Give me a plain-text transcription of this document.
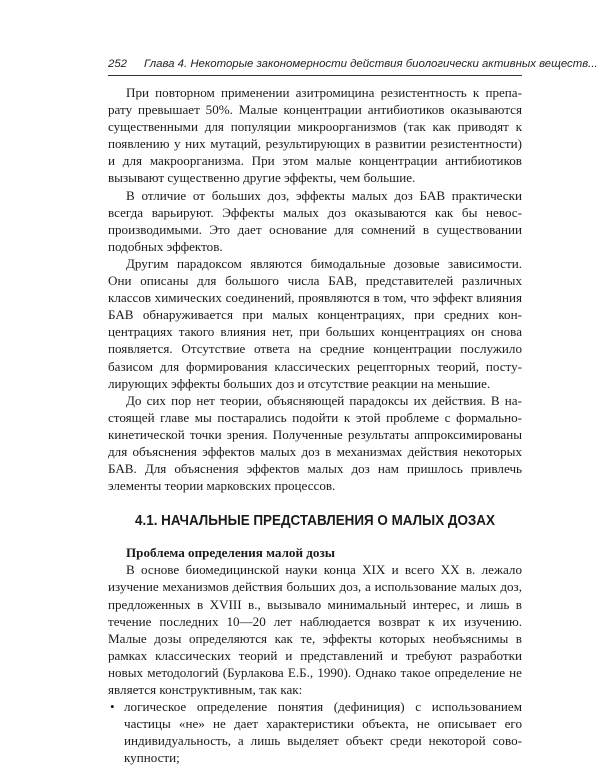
252 Глава 4. Некоторые закономерности действия биологически активных веществ...

При повторном применении азитромицина резистентность к препарату превышает 50%. Малые концентрации антибиотиков оказываются существенными для популяции микроорганизмов (так как приводят к появлению у них мутаций, результирующих в развитии резистентности) и для макроорганизма. При этом малые концентрации антибиотиков вызывают существенно другие эффекты, чем большие.

В отличие от больших доз, эффекты малых доз БАВ практически всегда варьируют. Эффекты малых доз оказываются как бы невоспроизводимыми. Это дает основание для сомнений в существовании подобных эффектов.

Другим парадоксом являются бимодальные дозовые зависимости. Они описаны для большого числа БАВ, представителей различных классов химических соединений, проявляются в том, что эффект влияния БАВ обнаруживается при малых концентрациях, при средних концентрациях такого влияния нет, при больших концентрациях он снова появляется. Отсутствие ответа на средние концентрации послужило базисом для формирования классических рецепторных теорий, постулирующих эффекты больших доз и отсутствие реакции на меньшие.

До сих пор нет теории, объясняющей парадоксы их действия. В настоящей главе мы постарались подойти к этой проблеме с формально-кинетической точки зрения. Полученные результаты аппроксимированы для объяснения эффектов малых доз в механизмах действия некоторых БАВ. Для объяснения эффектов малых доз нам пришлось привлечь элементы теории марковских процессов.

4.1. НАЧАЛЬНЫЕ ПРЕДСТАВЛЕНИЯ О МАЛЫХ ДОЗАХ

Проблема определения малой дозы

В основе биомедицинской науки конца XIX и всего XX в. лежало изучение механизмов действия больших доз, а использование малых доз, предложенных в XVIII в., вызывало минимальный интерес, и лишь в течение последних 10—20 лет наблюдается возврат к их изучению. Малые дозы определяются как те, эффекты которых необъяснимы в рамках классических теорий и представлений и требуют разработки новых методологий (Бурлакова Е.Б., 1990). Однако такое определение не является конструктивным, так как:

• логическое определение понятия (дефиниция) с использованием частицы «не» не дает характеристики объекта, не описывает его индивидуальность, а лишь выделяет объект среди некоторой совокупности;
